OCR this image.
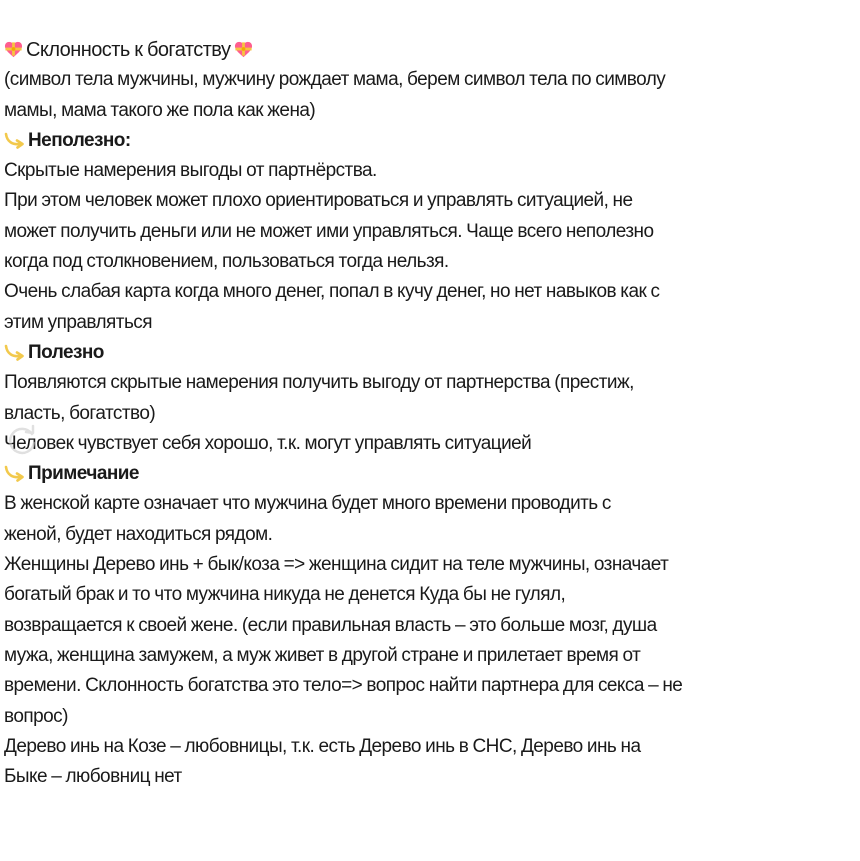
Склонность к богатству
(символ тела мужчины, мужчину рождает мама, берем символ тела по символу
мамы, мама такого же пола как жена)
Неполезно:
Скрытые намерения выгоды от партнёрства.
При этом человек может плохо ориентироваться и управлять ситуацией, не
может получить деньги или не может ими управляться. Чаще всего неполезно
когда под столкновением, пользоваться тогда нельзя.
Очень слабая карта когда много денег, попал в кучу денег, но нет навыков как с
этим управляться
Полезно
Появляются скрытые намерения получить выгоду от партнерства (престиж,
власть, богатство)
Человек чувствует себя хорошо, т.к. могут управлять ситуацией
Примечание
В женской карте означает что мужчина будет много времени проводить с
женой, будет находиться рядом.
Женщины Дерево инь + бык/коза => женщина сидит на теле мужчины, означает
богатый брак и то что мужчина никуда не денется Куда бы не гулял,
возвращается к своей жене. (если правильная власть – это больше мозг, душа
мужа, женщина замужем, а муж живет в другой стране и прилетает время от
времени. Склонность богатства это тело=> вопрос найти партнера для секса – не
вопрос)
Дерево инь на Козе – любовницы, т.к. есть Дерево инь в СНС, Дерево инь на
Быке – любовниц нет
